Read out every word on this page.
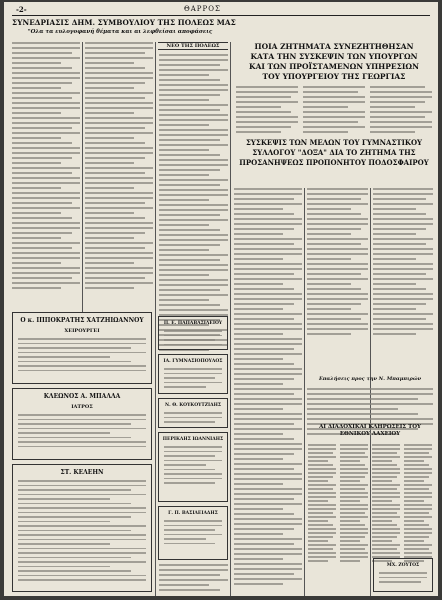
-2-	ΘΑΡΡΟΣ
ΣΥΝΕΔΡΙΑΣΙΣ ΔΗΜ. ΣΥΜΒΟΥΛΙΟΥ ΤΗΣ ΠΟΛΕΩΣ ΜΑΣ
"Ολα τα ευλογοφανή θέματα και αι λεφθείσαι αποφάσεις
ΝΕΟ ΤΗΣ ΠΟΛΕΩΣ	ΠΟΙΑ ΖΗΤΗΜΑΤΑ ΣΥΝΕΖΗΤΗΘΗΣΑΝ
ΚΑΤΑ ΤΗΝ ΣΥΣΚΕΨΙΝ ΤΩΝ ΥΠΟΥΡΓΩΝ
ΚΑΙ ΤΩΝ ΠΡΟΪΣΤΑΜΕΝΩΝ ΥΠΗΡΕΣΙΩΝ
ΤΟΥ ΥΠΟΥΡΓΕΙΟΥ ΤΗΣ ΓΕΩΡΓΙΑΣ
ΣΥΣΚΕΨΙΣ ΤΩΝ ΜΕΛΩΝ ΤΟΥ ΓΥΜΝΑΣΤΙΚΟΥ
ΣΥΛΛΟΓΟΥ "ΔΟΞΑ" ΔΙΑ ΤΟ ΖΗΤΗΜΑ ΤΗΣ
ΠΡΟΣΑΝΗΨΕΩΣ ΠΡΟΠΟΝΗΤΟΥ ΠΟΔΟΣΦΑΙΡΟΥ
Επαλήσεις προς την Ν. Μπαμπιρών
ΑΙ ΔΙΑΔΟΧΙΚΑΙ ΚΛΗΡΩΣΕΙΣ ΤΟΥ ΕΘΝΙΚΟΥ ΛΑΧΕΙΟΥ
Ο κ. ΙΠΠΟΚΡΑΤΗΣ ΧΑΤΖΗΙΩΑΝΝΟΥ
ΧΕΙΡΟΥΡΓΕΙ
ΚΛΕΩΝΟΣ Α. ΜΠΑΛΛΑ
ΙΑΤΡΟΣ
ΣΤ. ΚΕΛΕΗΝ
Π. Ε. ΠΑΠΑΒΑΣΙΛΕΙΟΥ
ΙΑ. ΓΥΜΝΑΣΙΟΠΟΥΛΟΣ
Ν. Θ. ΚΟΥΚΟΥΤΖΙΔΗΣ
ΠΕΡΙΚΛΗΣ ΙΩΑΝΝΙΔΗΣ
Γ. Π. ΒΑΣΙΛΕΙΑΔΗΣ
ΜΧ. ΖΟΥΤΟΣ
